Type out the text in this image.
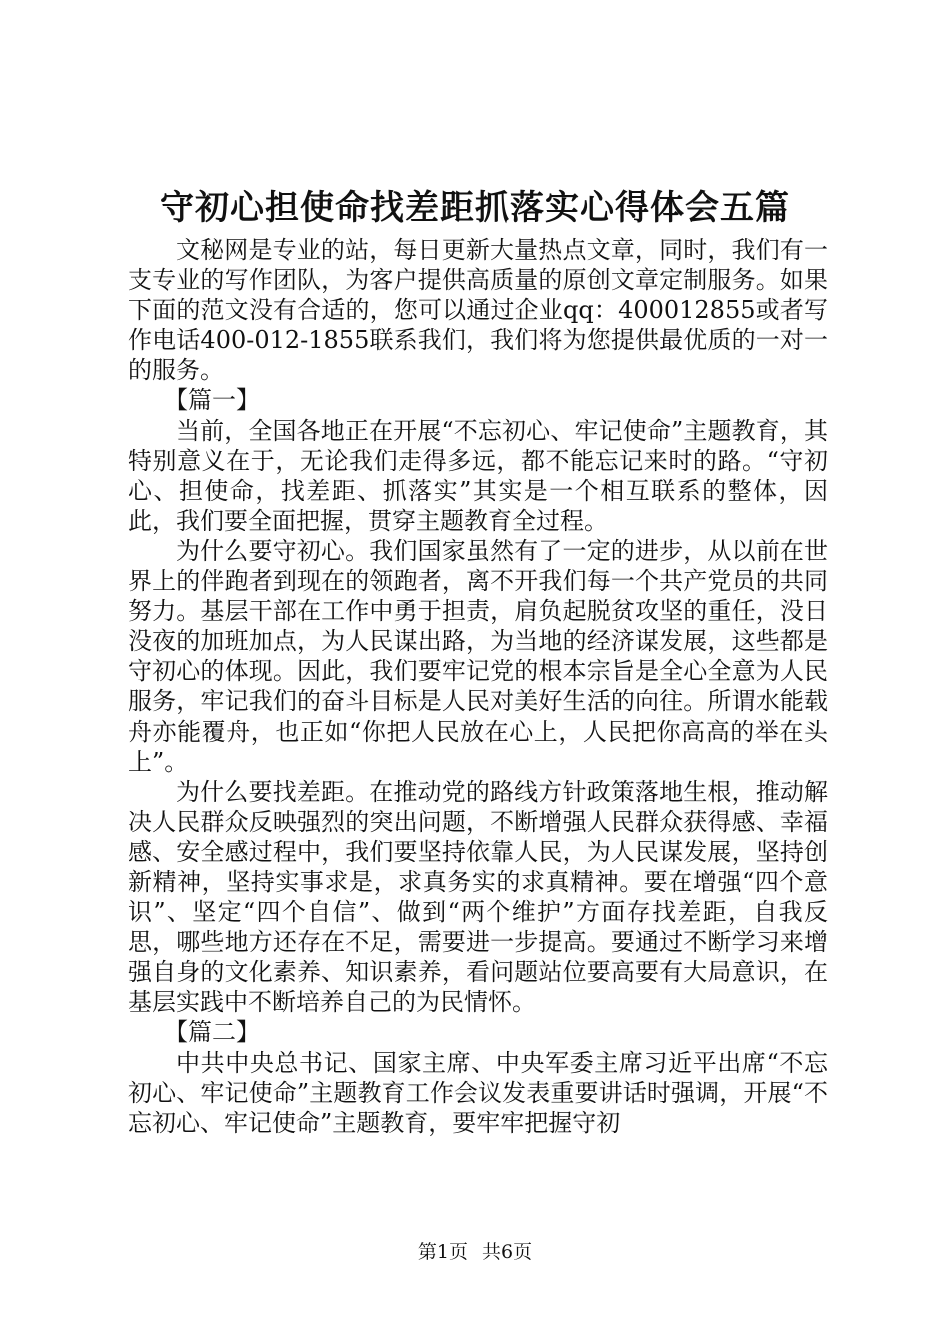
守初心担使命找差距抓落实心得体会五篇

文秘网是专业的站，每日更新大量热点文章，同时，我们有一支专业的写作团队，为客户提供高质量的原创文章定制服务。如果下面的范文没有合适的，您可以通过企业qq：400012855或者写作电话400-012-1855联系我们，我们将为您提供最优质的一对一的服务。

【篇一】

当前，全国各地正在开展“不忘初心、牢记使命”主题教育，其特别意义在于，无论我们走得多远，都不能忘记来时的路。“守初心、担使命，找差距、抓落实”其实是一个相互联系的整体，因此，我们要全面把握，贯穿主题教育全过程。

为什么要守初心。我们国家虽然有了一定的进步，从以前在世界上的伴跑者到现在的领跑者，离不开我们每一个共产党员的共同努力。基层干部在工作中勇于担责，肩负起脱贫攻坚的重任，没日没夜的加班加点，为人民谋出路，为当地的经济谋发展，这些都是守初心的体现。因此，我们要牢记党的根本宗旨是全心全意为人民服务，牢记我们的奋斗目标是人民对美好生活的向往。所谓水能载舟亦能覆舟，也正如“你把人民放在心上，人民把你高高的举在头上”。

为什么要找差距。在推动党的路线方针政策落地生根，推动解决人民群众反映强烈的突出问题，不断增强人民群众获得感、幸福感、安全感过程中，我们要坚持依靠人民，为人民谋发展，坚持创新精神，坚持实事求是，求真务实的求真精神。要在增强“四个意识”、坚定“四个自信”、做到“两个维护”方面存找差距，自我反思，哪些地方还存在不足，需要进一步提高。要通过不断学习来增强自身的文化素养、知识素养，看问题站位要高要有大局意识，在基层实践中不断培养自己的为民情怀。

【篇二】

中共中央总书记、国家主席、中央军委主席习近平出席“不忘初心、牢记使命”主题教育工作会议发表重要讲话时强调，开展“不忘初心、牢记使命”主题教育，要牢牢把握守初

第1页 共6页
